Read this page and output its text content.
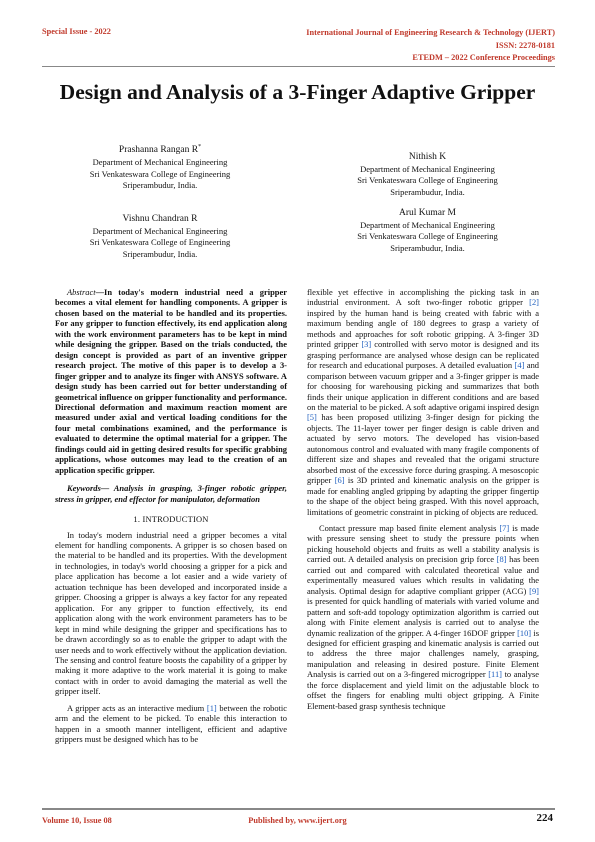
Special Issue - 2022	International Journal of Engineering Research & Technology (IJERT)
ISSN: 2278-0181
ETEDM – 2022 Conference Proceedings
Design and Analysis of a 3-Finger Adaptive Gripper
Prashanna Rangan R*
Department of Mechanical Engineering
Sri Venkateswara College of Engineering
Sriperambudur, India.
Nithish K
Department of Mechanical Engineering
Sri Venkateswara College of Engineering
Sriperambudur, India.
Vishnu Chandran R
Department of Mechanical Engineering
Sri Venkateswara College of Engineering
Sriperambudur, India.
Arul Kumar M
Department of Mechanical Engineering
Sri Venkateswara College of Engineering
Sriperambudur, India.

Abstract—In today's modern industrial need a gripper becomes a vital element for handling components. A gripper is chosen based on the material to be handled and its properties. For any gripper to function effectively, its end application along with the work environment parameters has to be kept in mind while designing the gripper. Based on the trials conducted, the design concept is provided as part of an inventive gripper research project. The motive of this paper is to develop a 3-finger gripper and to analyze its finger with ANSYS software. A design study has been carried out for better understanding of geometrical influence on gripper functionality and performance. Directional deformation and maximum reaction moment are measured under axial and vertical loading conditions for the four metal combinations examined, and the performance is evaluated to determine the optimal material for a gripper. The findings could aid in getting desired results for specific grabbing applications, whose outcomes may lead to the creation of an application specific gripper.

Keywords— Analysis in grasping, 3-finger robotic gripper, stress in gripper, end effector for manipulator, deformation

1. INTRODUCTION

In today's modern industrial need a gripper becomes a vital element for handling components. A gripper is so chosen based on the material to be handled and its properties. With the development in technologies, in today's world choosing a gripper for a pick and place application has become a lot easier and a wide variety of actuation technique has been developed and incorporated inside a gripper. Choosing a gripper is always a key factor for any repeated application. For any gripper to function effectively, its end application along with the work environment parameters has to be kept in mind while designing the gripper and specifications has to be drawn accordingly so as to enable the gripper to adapt with the user needs and to work effectively without the application deviation. The sensing and control feature boosts the capability of a gripper by making it more adaptive to the work material it is going to make contact with in order to avoid damaging the material as well the gripper itself.

A gripper acts as an interactive medium [1] between the robotic arm and the element to be picked. To enable this interaction to happen in a smooth manner intelligent, efficient and adaptive grippers must be designed which has to be

flexible yet effective in accomplishing the picking task in an industrial environment. A soft two-finger robotic gripper [2] inspired by the human hand is being created with fabric with a maximum bending angle of 180 degrees to grasp a variety of methods and approaches for soft robotic gripping. A 3-finger 3D printed gripper [3] controlled with servo motor is designed and its grasping performance are analysed whose design can be replicated for research and educational purposes. A detailed evaluation [4] and comparison between vacuum gripper and a 3-finger gripper is made for choosing for warehousing picking and summarizes that both finds their unique application in different conditions and are based on the material to be picked. A soft adaptive origami inspired design [5] has been proposed utilizing 3-finger design for picking the objects. The 11-layer tower per finger design is cable driven and actuated by servo motors. The developed has vision-based autonomous control and evaluated with many fragile components of different size and shapes and revealed that the origami structure absorbed most of the excessive force during grasping. A mesoscopic gripper [6] is 3D printed and kinematic analysis on the gripper is made for enabling angled gripping by adapting the gripper fingertip to the shape of the object being grasped. With this novel approach, limitations of geometric constraint in picking of objects are reduced.

Contact pressure map based finite element analysis [7] is made with pressure sensing sheet to study the pressure points when picking household objects and fruits as well a stability analysis is carried out. A detailed analysis on precision grip force [8] has been carried out and compared with calculated theoretical value and experimentally measured values which results in validating the analysis. Optimal design for adaptive compliant gripper (ACG) [9] is presented for quick handling of materials with varied volume and pattern and soft-add topology optimization algorithm is carried out along with Finite element analysis is carried out to analyse the dynamic realization of the gripper. A 4-finger 16DOF gripper [10] is designed for efficient grasping and kinematic analysis is carried out to address the three major challenges namely, grasping, manipulation and releasing in desired posture. Finite Element Analysis is carried out on a 3-fingered microgripper [11] to analyse the force displacement and yield limit on the adjustable block to offset the fingers for enabling multi object gripping. A Finite Element-based grasp synthesis technique

Volume 10, Issue 08	Published by, www.ijert.org	224
